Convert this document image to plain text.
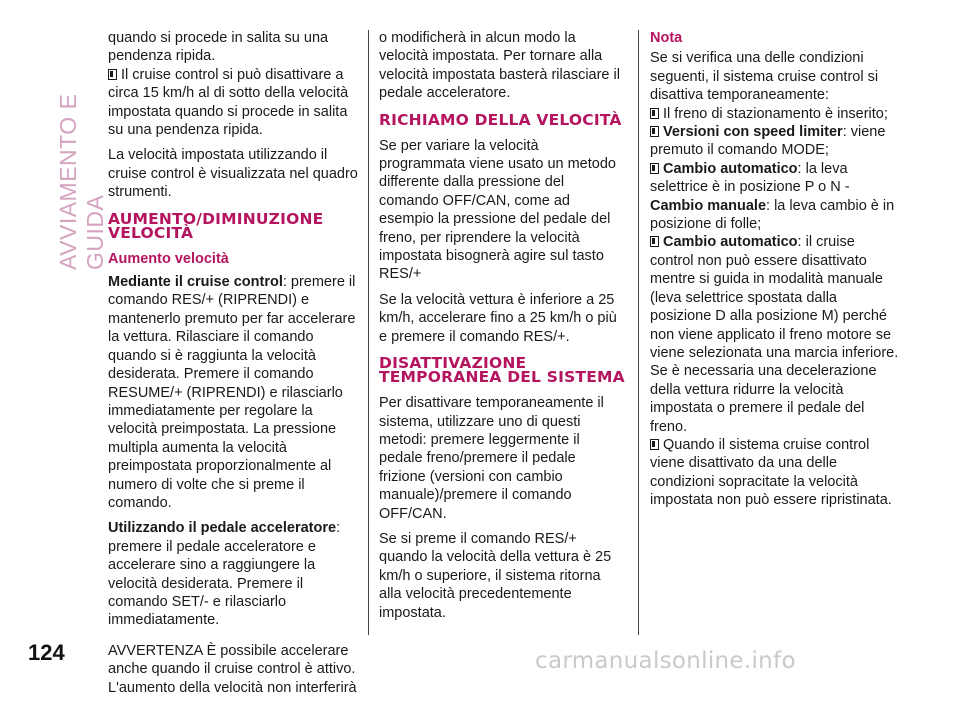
AVVIAMENTO E GUIDA

quando si procede in salita su una pendenza ripida.

Il cruise control si può disattivare a circa 15 km/h al di sotto della velocità impostata quando si procede in salita su una pendenza ripida.

La velocità impostata utilizzando il cruise control è visualizzata nel quadro strumenti.

AUMENTO/DIMINUZIONE VELOCITÀ
Aumento velocità

Mediante il cruise control: premere il comando RES/+ (RIPRENDI) e mantenerlo premuto per far accelerare la vettura. Rilasciare il comando quando si è raggiunta la velocità desiderata. Premere il comando RESUME/+ (RIPRENDI) e rilasciarlo immediatamente per regolare la velocità preimpostata. La pressione multipla aumenta la velocità preimpostata proporzionalmente al numero di volte che si preme il comando.

Utilizzando il pedale acceleratore: premere il pedale acceleratore e accelerare sino a raggiungere la velocità desiderata. Premere il comando SET/- e rilasciarlo immediatamente.

AVVERTENZA È possibile accelerare anche quando il cruise control è attivo. L'aumento della velocità non interferirà

o modificherà in alcun modo la velocità impostata. Per tornare alla velocità impostata basterà rilasciare il pedale acceleratore.

RICHIAMO DELLA VELOCITÀ

Se per variare la velocità programmata viene usato un metodo differente dalla pressione del comando OFF/CAN, come ad esempio la pressione del pedale del freno, per riprendere la velocità impostata bisognerà agire sul tasto RES/+

Se la velocità vettura è inferiore a 25 km/h, accelerare fino a 25 km/h o più e premere il comando RES/+.

DISATTIVAZIONE TEMPORANEA DEL SISTEMA

Per disattivare temporaneamente il sistema, utilizzare uno di questi metodi: premere leggermente il pedale freno/premere il pedale frizione (versioni con cambio manuale)/premere il comando OFF/CAN.

Se si preme il comando RES/+ quando la velocità della vettura è 25 km/h o superiore, il sistema ritorna alla velocità precedentemente impostata.

Nota

Se si verifica una delle condizioni seguenti, il sistema cruise control si disattiva temporaneamente:

Il freno di stazionamento è inserito;

Versioni con speed limiter: viene premuto il comando MODE;

Cambio automatico: la leva selettrice è in posizione P o N - Cambio manuale: la leva cambio è in posizione di folle;

Cambio automatico: il cruise control non può essere disattivato mentre si guida in modalità manuale (leva selettrice spostata dalla posizione D alla posizione M) perché non viene applicato il freno motore se viene selezionata una marcia inferiore. Se è necessaria una decelerazione della vettura ridurre la velocità impostata o premere il pedale del freno.

Quando il sistema cruise control viene disattivato da una delle condizioni sopracitate la velocità impostata non può essere ripristinata.

124	carmanualsonline.info
